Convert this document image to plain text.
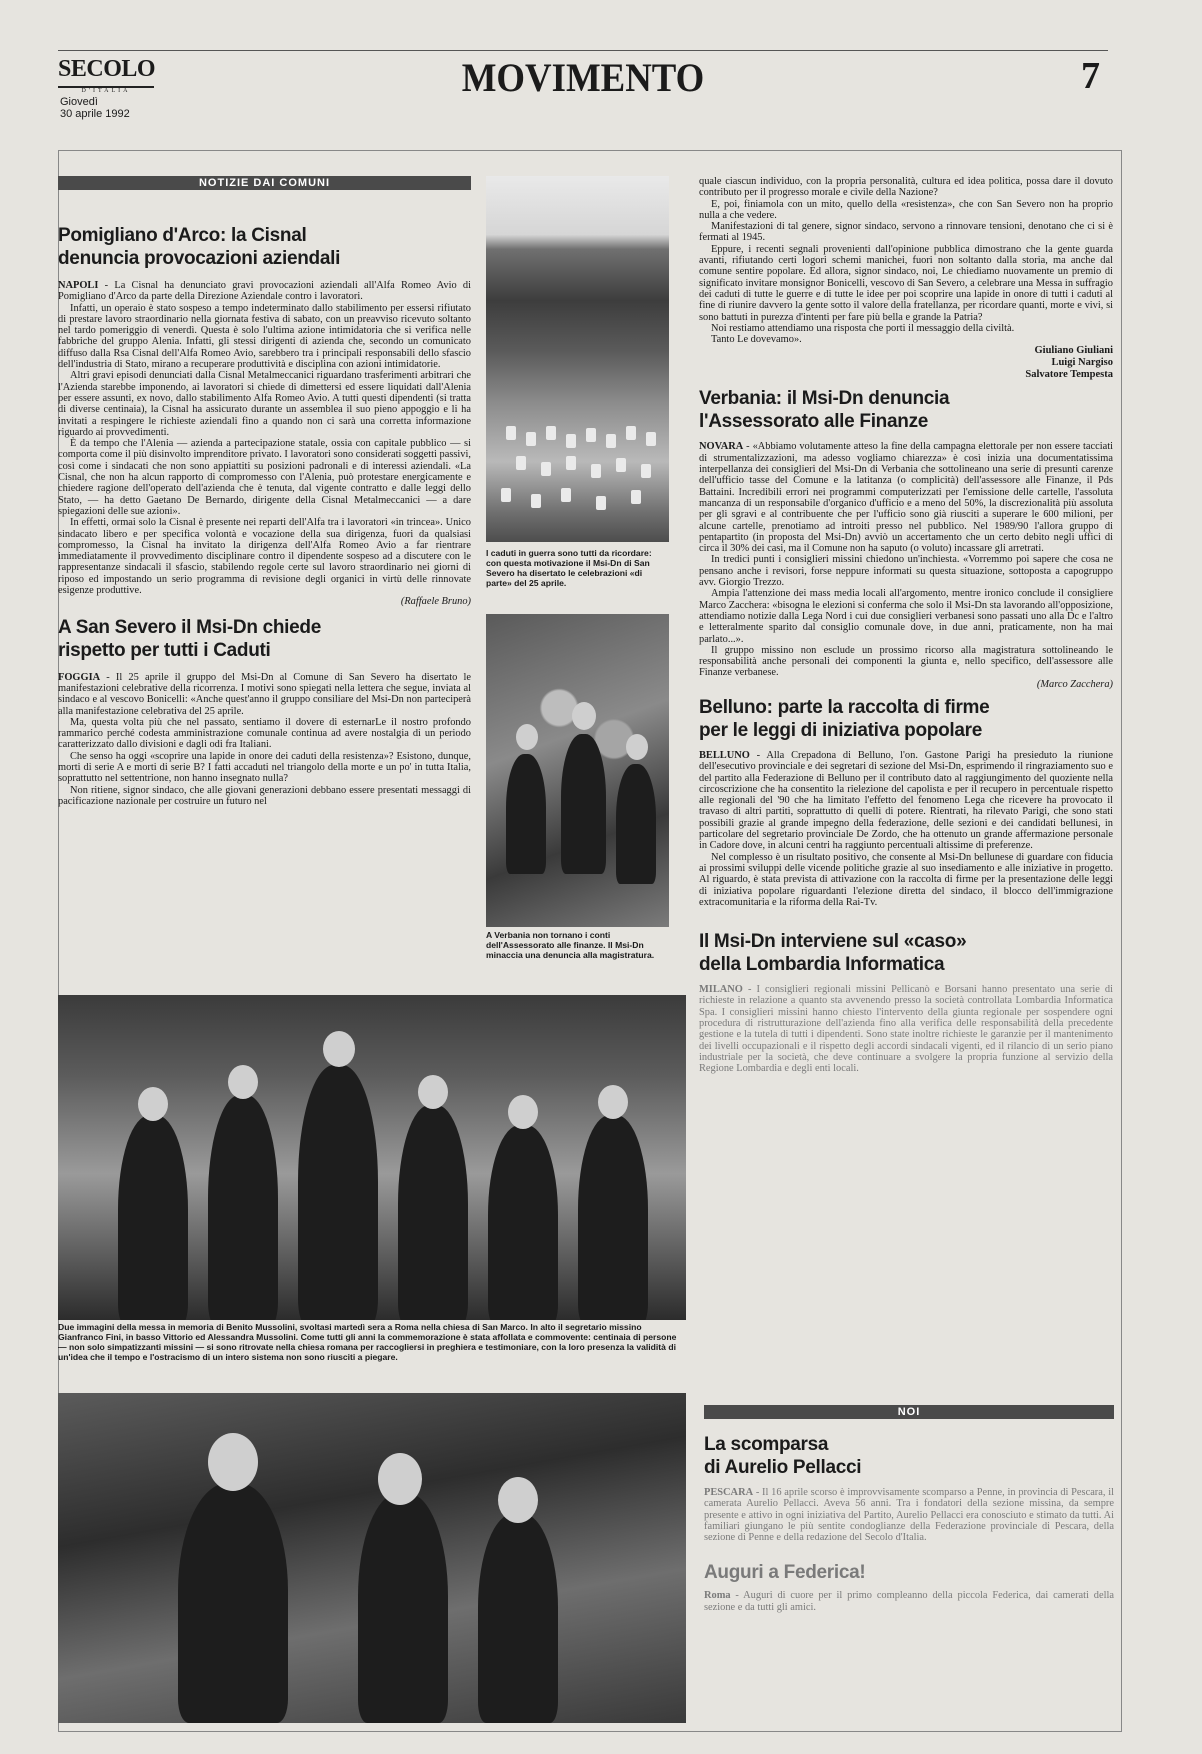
SECOLO
D'ITALIA
Giovedì
30 aprile 1992
MOVIMENTO	7
NOTIZIE DAI COMUNI
Pomigliano d'Arco: la Cisnal
denuncia provocazioni aziendali

NAPOLI - La Cisnal ha denunciato gravi provocazioni aziendali all'Alfa Romeo Avio di Pomigliano d'Arco da parte della Direzione Aziendale contro i lavoratori.

Infatti, un operaio è stato sospeso a tempo indeterminato dallo stabilimento per essersi rifiutato di prestare lavoro straordinario nella giornata festiva di sabato, con un preavviso ricevuto soltanto nel tardo pomeriggio di venerdì. Questa è solo l'ultima azione intimidatoria che si verifica nelle fabbriche del gruppo Alenia. Infatti, gli stessi dirigenti di azienda che, secondo un comunicato diffuso dalla Rsa Cisnal dell'Alfa Romeo Avio, sarebbero tra i principali responsabili dello sfascio dell'industria di Stato, mirano a recuperare produttività e disciplina con azioni intimidatorie.

Altri gravi episodi denunciati dalla Cisnal Metalmeccanici riguardano trasferimenti arbitrari che l'Azienda starebbe imponendo, ai lavoratori si chiede di dimettersi ed essere liquidati dall'Alenia per essere assunti, ex novo, dallo stabilimento Alfa Romeo Avio. A tutti questi dipendenti (si tratta di diverse centinaia), la Cisnal ha assicurato durante un assemblea il suo pieno appoggio e li ha invitati a respingere le richieste aziendali fino a quando non ci sarà una corretta informazione riguardo ai provvedimenti.

È da tempo che l'Alenia — azienda a partecipazione statale, ossia con capitale pubblico — si comporta come il più disinvolto imprenditore privato. I lavoratori sono considerati soggetti passivi, così come i sindacati che non sono appiattiti su posizioni padronali e di interessi aziendali. «La Cisnal, che non ha alcun rapporto di compromesso con l'Alenia, può protestare energicamente e chiedere ragione dell'operato dell'azienda che è tenuta, dal vigente contratto e dalle leggi dello Stato, — ha detto Gaetano De Bernardo, dirigente della Cisnal Metalmeccanici — a dare spiegazioni delle sue azioni».

In effetti, ormai solo la Cisnal è presente nei reparti dell'Alfa tra i lavoratori «in trincea». Unico sindacato libero e per specifica volontà e vocazione della sua dirigenza, fuori da qualsiasi compromesso, la Cisnal ha invitato la dirigenza dell'Alfa Romeo Avio a far rientrare immediatamente il provvedimento disciplinare contro il dipendente sospeso ad a discutere con le rappresentanze sindacali il sfascio, stabilendo regole certe sul lavoro straordinario nei giorni di riposo ed impostando un serio programma di revisione degli organici in virtù delle rinnovate esigenze produttive.

(Raffaele Bruno)
A San Severo il Msi-Dn chiede
rispetto per tutti i Caduti

FOGGIA - Il 25 aprile il gruppo del Msi-Dn al Comune di San Severo ha disertato le manifestazioni celebrative della ricorrenza. I motivi sono spiegati nella lettera che segue, inviata al sindaco e al vescovo Bonicelli: «Anche quest'anno il gruppo consiliare del Msi-Dn non parteciperà alla manifestazione celebrativa del 25 aprile.

Ma, questa volta più che nel passato, sentiamo il dovere di esternarLe il nostro profondo rammarico perché codesta amministrazione comunale continua ad avere nostalgia di un periodo caratterizzato dallo divisioni e dagli odi fra Italiani.

Che senso ha oggi «scoprire una lapide in onore dei caduti della resistenza»? Esistono, dunque, morti di serie A e morti di serie B? I fatti accaduti nel triangolo della morte e un po' in tutta Italia, soprattutto nel settentrione, non hanno insegnato nulla?

Non ritiene, signor sindaco, che alle giovani generazioni debbano essere presentati messaggi di pacificazione nazionale per costruire un futuro nel

I caduti in guerra sono tutti da ricordare: con questa motivazione il Msi-Dn di San Severo ha disertato le celebrazioni «di parte» del 25 aprile.
A Verbania non tornano i conti dell'Assessorato alle finanze. Il Msi-Dn minaccia una denuncia alla magistratura.

quale ciascun individuo, con la propria personalità, cultura ed idea politica, possa dare il dovuto contributo per il progresso morale e civile della Nazione?

E, poi, finiamola con un mito, quello della «resistenza», che con San Severo non ha proprio nulla a che vedere.

Manifestazioni di tal genere, signor sindaco, servono a rinnovare tensioni, denotano che ci si è fermati al 1945.

Eppure, i recenti segnali provenienti dall'opinione pubblica dimostrano che la gente guarda avanti, rifiutando certi logori schemi manichei, fuori non soltanto dalla storia, ma anche dal comune sentire popolare. Ed allora, signor sindaco, noi, Le chiediamo nuovamente un premio di significato invitare monsignor Bonicelli, vescovo di San Severo, a celebrare una Messa in suffragio dei caduti di tutte le guerre e di tutte le idee per poi scoprire una lapide in onore di tutti i caduti al fine di riunire davvero la gente sotto il valore della fratellanza, per ricordare quanti, morte e vivi, si sono battuti in purezza d'intenti per fare più bella e grande la Patria?

Noi restiamo attendiamo una risposta che porti il messaggio della civiltà.

Tanto Le dovevamo».

Giuliano Giuliani
Luigi Nargiso
Salvatore Tempesta
Verbania: il Msi-Dn denuncia
l'Assessorato alle Finanze

NOVARA - «Abbiamo volutamente atteso la fine della campagna elettorale per non essere tacciati di strumentalizzazioni, ma adesso vogliamo chiarezza» è così inizia una documentatissima interpellanza dei consiglieri del Msi-Dn di Verbania che sottolineano una serie di presunti carenze dell'ufficio tasse del Comune e la latitanza (o complicità) dell'assessore alle Finanze, il Pds Battaini. Incredibili errori nei programmi computerizzati per l'emissione delle cartelle, l'assoluta mancanza di un responsabile d'organico d'ufficio e a meno del 50%, la discrezionalità più assoluta per gli sgravi e al contribuente che per l'ufficio sono già riusciti a superare le 600 milioni, per alcune cartelle, prenotiamo ad introiti presso nel pubblico. Nel 1989/90 l'allora gruppo di pentapartito (in proposta del Msi-Dn) avviò un accertamento che un certo debito negli uffici di circa il 30% dei casi, ma il Comune non ha saputo (o voluto) incassare gli arretrati.

In tredici punti i consiglieri missini chiedono un'inchiesta. «Vorremmo poi sapere che cosa ne pensano anche i revisori, forse neppure informati su questa situazione, sottoposta a capogruppo avv. Giorgio Trezzo.

Ampia l'attenzione dei mass media locali all'argomento, mentre ironico conclude il consigliere Marco Zacchera: «bisogna le elezioni si conferma che solo il Msi-Dn sta lavorando all'opposizione, attendiamo notizie dalla Lega Nord i cui due consiglieri verbanesi sono passati uno alla Dc e l'altro e letteralmente sparito dal consiglio comunale dove, in due anni, praticamente, non ha mai parlato...».

Il gruppo missino non esclude un prossimo ricorso alla magistratura sottolineando le responsabilità anche personali dei componenti la giunta e, nello specifico, dell'assessore alle Finanze verbanese.

(Marco Zacchera)
Belluno: parte la raccolta di firme
per le leggi di iniziativa popolare

BELLUNO - Alla Crepadona di Belluno, l'on. Gastone Parigi ha presieduto la riunione dell'esecutivo provinciale e dei segretari di sezione del Msi-Dn, esprimendo il ringraziamento suo e del partito alla Federazione di Belluno per il contributo dato al raggiungimento del quoziente nella circoscrizione che ha consentito la rielezione del capolista e per il recupero in percentuale rispetto alle regionali del '90 che ha limitato l'effetto del fenomeno Lega che ricevere ha provocato il travaso di altri partiti, soprattutto di quelli di potere. Rientrati, ha rilevato Parigi, che sono stati possibili grazie al grande impegno della federazione, delle sezioni e dei candidati bellunesi, in particolare del segretario provinciale De Zordo, che ha ottenuto un grande affermazione personale in Cadore dove, in alcuni centri ha raggiunto percentuali altissime di preferenze.

Nel complesso è un risultato positivo, che consente al Msi-Dn bellunese di guardare con fiducia ai prossimi sviluppi delle vicende politiche grazie al suo insediamento e alle iniziative in progetto. Al riguardo, è stata prevista di attivazione con la raccolta di firme per la presentazione delle leggi di iniziativa popolare riguardanti l'elezione diretta del sindaco, il blocco dell'immigrazione extracomunitaria e la riforma della Rai-Tv.

Il Msi-Dn interviene sul «caso»
della Lombardia Informatica

MILANO - I consiglieri regionali missini Pellicanò e Borsani hanno presentato una serie di richieste in relazione a quanto sta avvenendo presso la società controllata Lombardia Informatica Spa. I consiglieri missini hanno chiesto l'intervento della giunta regionale per sospendere ogni procedura di ristrutturazione dell'azienda fino alla verifica delle responsabilità della precedente gestione e la tutela di tutti i dipendenti. Sono state inoltre richieste le garanzie per il mantenimento dei livelli occupazionali e il rispetto degli accordi sindacali vigenti, ed il rilancio di un serio piano industriale per la società, che deve continuare a svolgere la propria funzione al servizio della Regione Lombardia e degli enti locali.

NOI
La scomparsa
di Aurelio Pellacci

PESCARA - Il 16 aprile scorso è improvvisamente scomparso a Penne, in provincia di Pescara, il camerata Aurelio Pellacci. Aveva 56 anni. Tra i fondatori della sezione missina, da sempre presente e attivo in ogni iniziativa del Partito, Aurelio Pellacci era conosciuto e stimato da tutti. Ai familiari giungano le più sentite condoglianze della Federazione provinciale di Pescara, della sezione di Penne e della redazione del Secolo d'Italia.

Auguri a Federica!

Roma - Auguri di cuore per il primo compleanno della piccola Federica, dai camerati della sezione e da tutti gli amici.

Due immagini della messa in memoria di Benito Mussolini, svoltasi martedì sera a Roma nella chiesa di San Marco. In alto il segretario missino Gianfranco Fini, in basso Vittorio ed Alessandra Mussolini. Come tutti gli anni la commemorazione è stata affollata e commovente: centinaia di persone — non solo simpatizzanti missini — si sono ritrovate nella chiesa romana per raccogliersi in preghiera e testimoniare, con la loro presenza la validità di un'idea che il tempo e l'ostracismo di un intero sistema non sono riusciti a piegare.
